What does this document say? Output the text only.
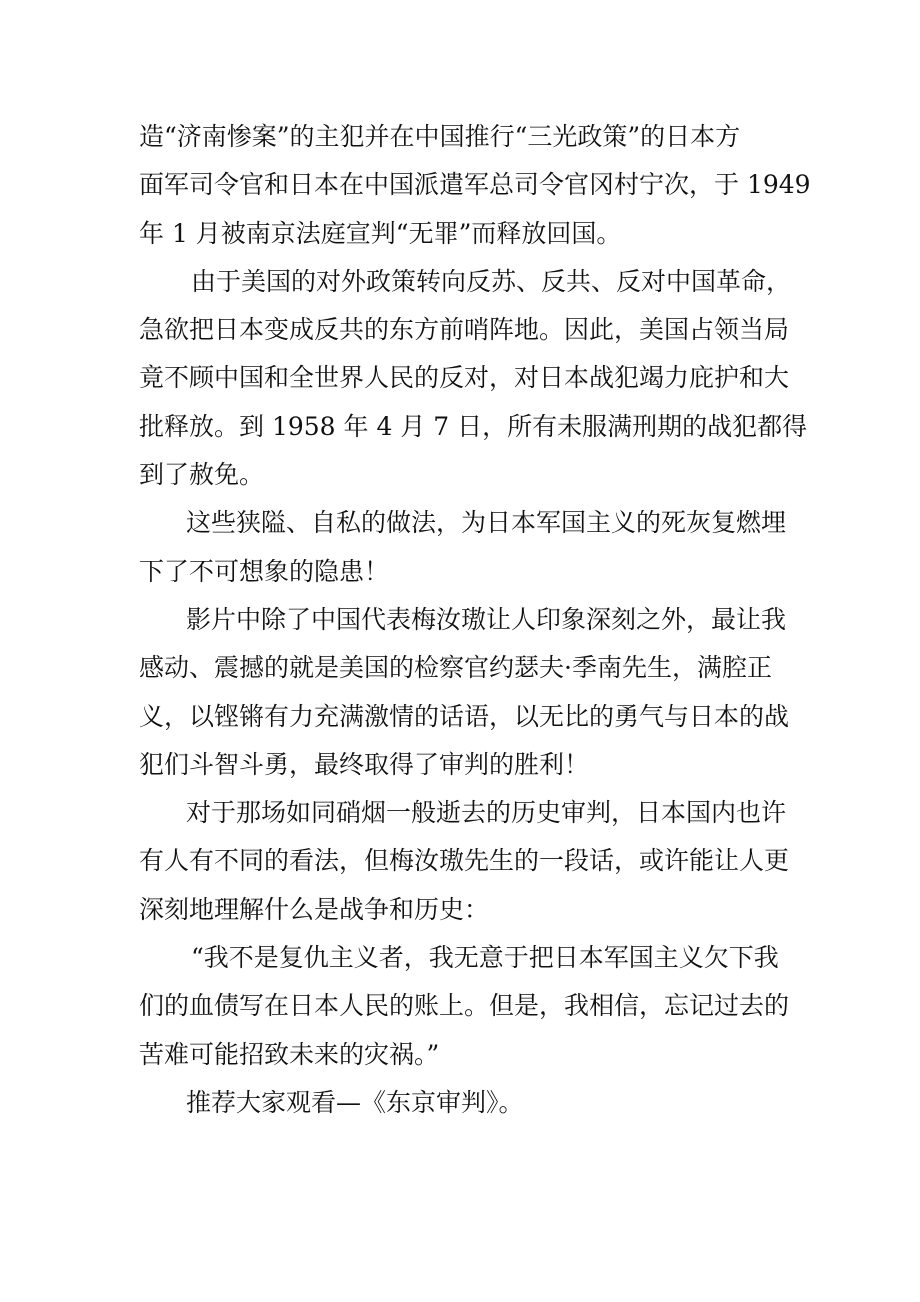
造“济南惨案”的主犯并在中国推行“三光政策”的日本方
面军司令官和日本在中国派遣军总司令官冈村宁次，于 1949
年 1 月被南京法庭宣判“无罪”而释放回国。
由于美国的对外政策转向反苏、反共、反对中国革命，
急欲把日本变成反共的东方前哨阵地。因此，美国占领当局
竟不顾中国和全世界人民的反对，对日本战犯竭力庇护和大
批释放。到 1958 年 4 月 7 日，所有未服满刑期的战犯都得
到了赦免。
这些狭隘、自私的做法，为日本军国主义的死灰复燃埋
下了不可想象的隐患！
影片中除了中国代表梅汝璈让人印象深刻之外，最让我
感动、震撼的就是美国的检察官约瑟夫·季南先生，满腔正
义，以铿锵有力充满激情的话语，以无比的勇气与日本的战
犯们斗智斗勇，最终取得了审判的胜利！
对于那场如同硝烟一般逝去的历史审判，日本国内也许
有人有不同的看法，但梅汝璈先生的一段话，或许能让人更
深刻地理解什么是战争和历史：
“我不是复仇主义者，我无意于把日本军国主义欠下我
们的血债写在日本人民的账上。但是，我相信，忘记过去的
苦难可能招致未来的灾祸。”
推荐大家观看—《东京审判》。
